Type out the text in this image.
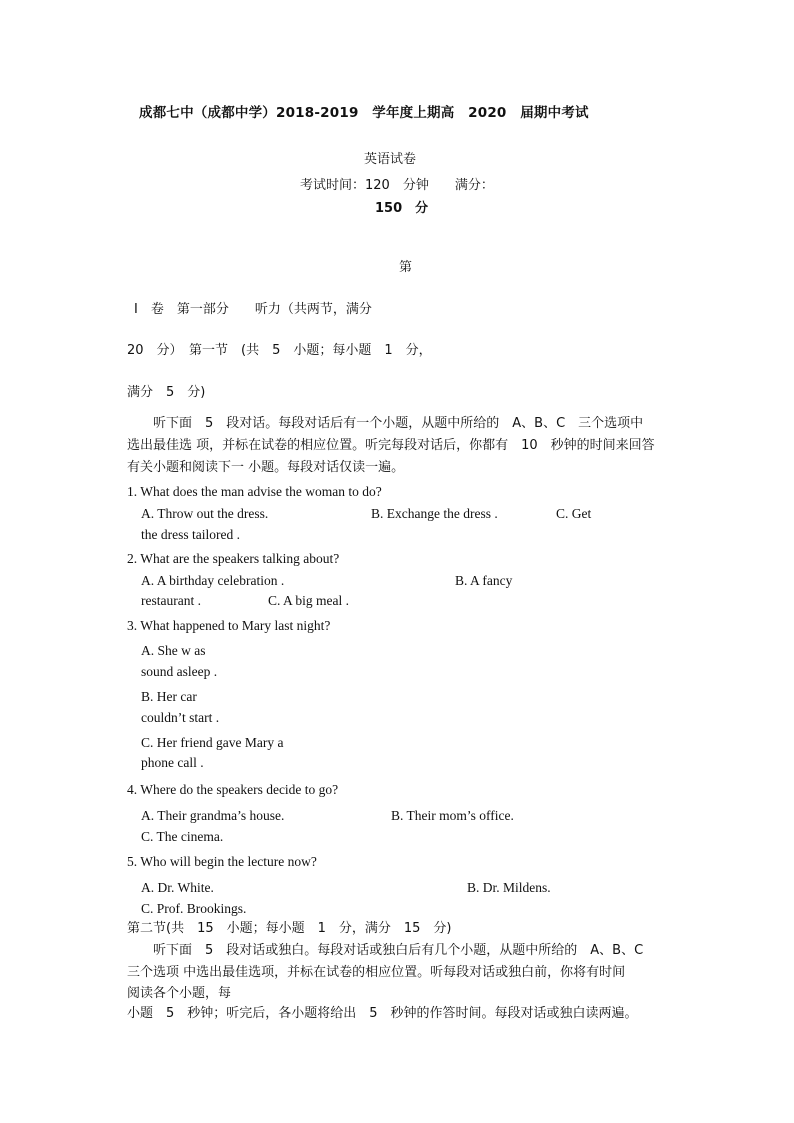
成都七中（成都中学）2018-2019　学年度上期高　2020　届期中考试
英语试卷
考试时间：120　分钟　　满分：
150　分
第
Ⅰ　卷　第一部分　　听力（共两节，满分
20　分）　第一节　(共　5　小题；每小题　1　分，
满分　5　分)
　　听下面　5　段对话。每段对话后有一个小题，从题中所给的　A、B、C　三个选项中
选出最佳选 项，并标在试卷的相应位置。听完每段对话后，你都有　10　秒钟的时间来回答
有关小题和阅读下一 小题。每段对话仅读一遍。
1. What does the man advise the woman to do?
A. Throw out the dress.	B. Exchange the dress .	C. Get
the dress tailored .
2. What are the speakers talking about?
A. A birthday celebration .	B. A fancy
restaurant .	C. A big meal .
3. What happened to Mary last night?
A. She w as
sound asleep .
B. Her car
couldn’t start .
C. Her friend gave Mary a
phone call .
4. Where do the speakers decide to go?
A. Their grandma’s house.	B. Their mom’s office.
C. The cinema.
5. Who will begin the lecture now?
A. Dr. White.	B. Dr. Mildens.
C. Prof. Brookings.
第二节(共　15　小题；每小题　1　分，满分　15　分)
　　听下面　5　段对话或独白。每段对话或独白后有几个小题，从题中所给的　A、B、C
三个选项 中选出最佳选项，并标在试卷的相应位置。听每段对话或独白前，你将有时间
阅读各个小题，每
小题　5　秒钟；听完后，各小题将给出　5　秒钟的作答时间。每段对话或独白读两遍。
